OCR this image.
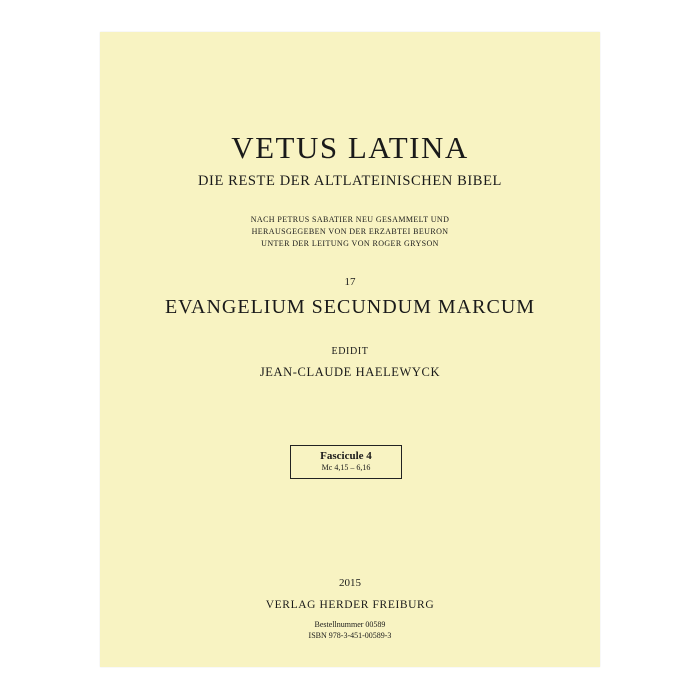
VETUS LATINA

DIE RESTE DER ALTLATEINISCHEN BIBEL

NACH PETRUS SABATIER NEU GESAMMELT UND

HERAUSGEGEBEN VON DER ERZABTEI BEURON

UNTER DER LEITUNG VON ROGER GRYSON

17

EVANGELIUM SECUNDUM MARCUM

EDIDIT

JEAN-CLAUDE HAELEWYCK

Fascicule 4
Mc 4,15 – 6,16

2015

VERLAG HERDER FREIBURG

Bestellnummer 00589

ISBN 978-3-451-00589-3
